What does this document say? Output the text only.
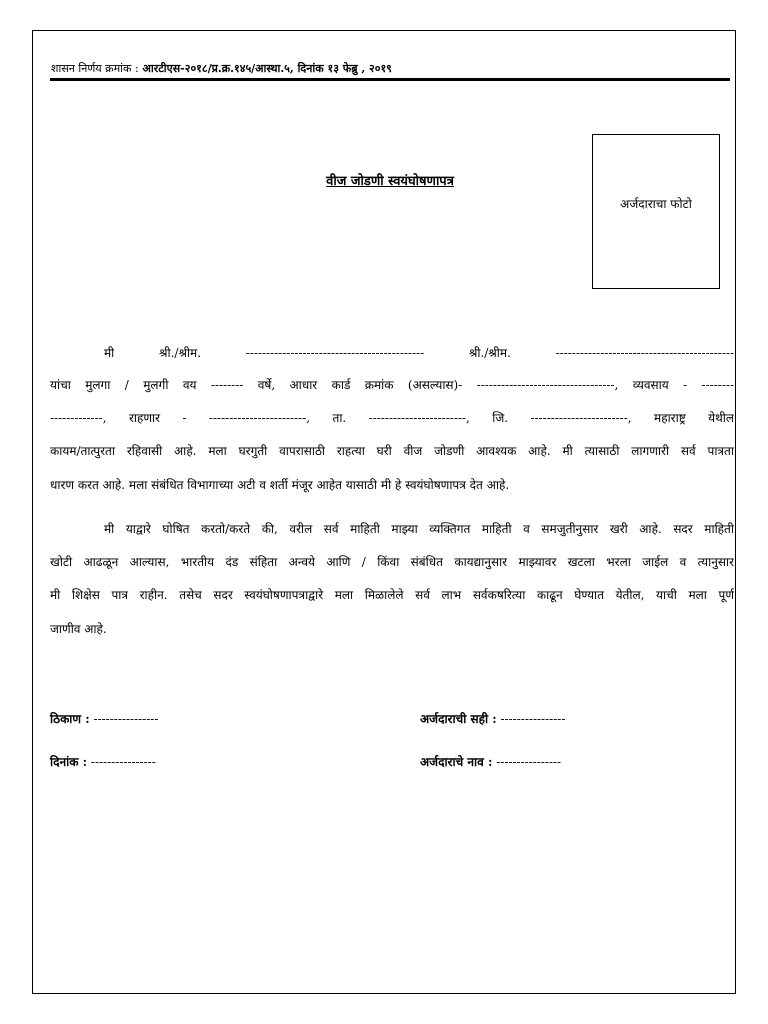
शासन निर्णय क्रमांक : आरटीएस-२०१८/प्र.क्र.१४५/आस्था.५, दिनांक १३ फेब्रु , २०१९
वीज जोडणी स्वयंघोषणापत्र
अर्जदाराचा फोटो
मी श्री./श्रीम. -------------------------------------------- श्री./श्रीम. --------------------------------------------
यांचा मुलगा / मुलगी वय -------- वर्षे, आधार कार्ड क्रमांक (असल्यास)- ----------------------------------, व्यवसाय - --------
-------------, राहणार - ------------------------, ता. ------------------------, जि. ------------------------, महाराष्ट्र येथील
कायम/तात्पुरता रहिवासी आहे. मला घरगुती वापरासाठी राहत्या घरी वीज जोडणी आवश्यक आहे. मी त्यासाठी लागणारी सर्व पात्रता
धारण करत आहे. मला संबंधित विभागाच्या अटी व शर्ती मंजूर आहेत यासाठी मी हे स्वयंघोषणापत्र देत आहे.
मी याद्वारे घोषित करतो/करते की, वरील सर्व माहिती माझ्या व्यक्तिगत माहिती व समजुतीनुसार खरी आहे. सदर माहिती
खोटी आढळून आल्यास, भारतीय दंड संहिता अन्वये आणि / किंवा संबंधित कायद्यानुसार माझ्यावर खटला भरला जाईल व त्यानुसार
मी शिक्षेस पात्र राहीन. तसेच सदर स्वयंघोषणापत्राद्वारे मला मिळालेले सर्व लाभ सर्वकषरित्या काढून घेण्यात येतील, याची मला पूर्ण
जाणीव आहे.
ठिकाण : ----------------	अर्जदाराची सही : ----------------
दिनांक : ----------------	अर्जदाराचे नाव : ----------------
